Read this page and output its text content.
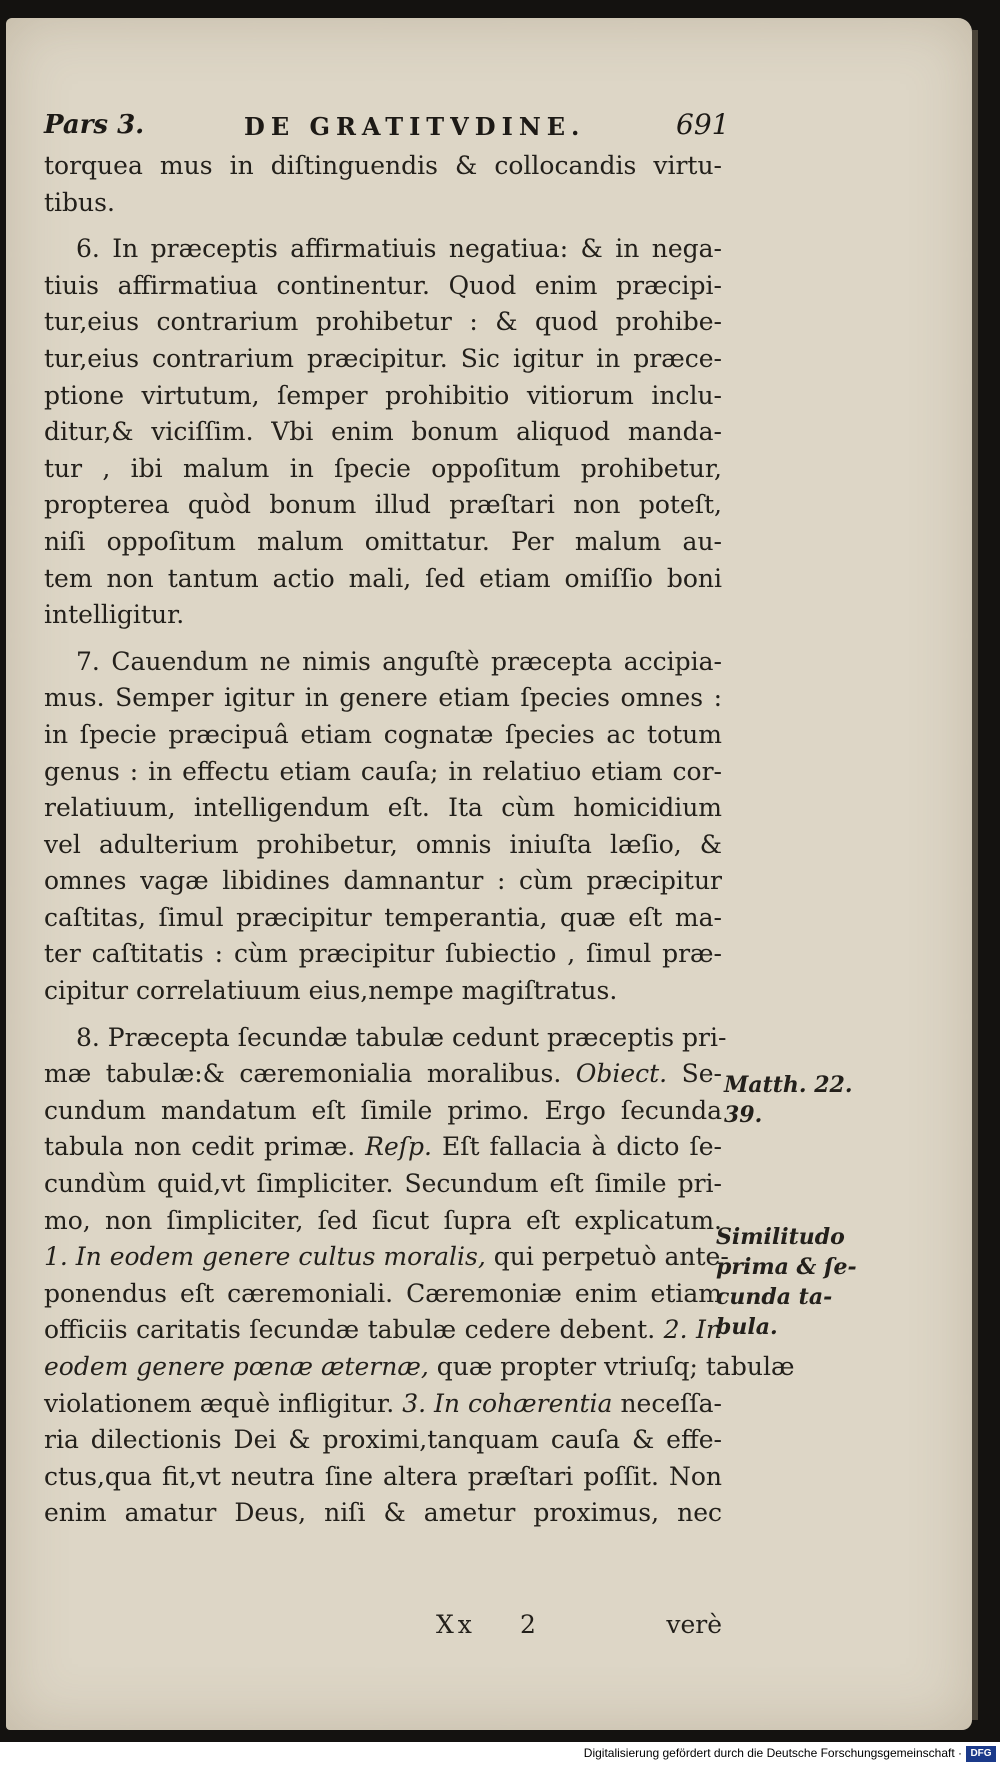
Pars 3.	DE GRATITVDINE.	691
torquea mus in diſtinguendis & collocandis virtu-
tibus.
6. In præceptis affirmatiuis negatiua: & in nega-
tiuis affirmatiua continentur. Quod enim præcipi-
tur,eius contrarium prohibetur : & quod prohibe-
tur,eius contrarium præcipitur. Sic igitur in præce-
ptione virtutum, ſemper prohibitio vitiorum inclu-
ditur,& viciſſim. Vbi enim bonum aliquod manda-
tur , ibi malum in ſpecie oppoſitum prohibetur,
propterea quòd bonum illud præſtari non poteſt,
niſi oppoſitum malum omittatur. Per malum au-
tem non tantum actio mali, ſed etiam omiſſio boni
intelligitur.
7. Cauendum ne nimis anguſtè præcepta accipia-
mus. Semper igitur in genere etiam ſpecies omnes :
in ſpecie præcipuâ etiam cognatæ ſpecies ac totum
genus : in effectu etiam cauſa; in relatiuo etiam cor-
relatiuum, intelligendum eſt. Ita cùm homicidium
vel adulterium prohibetur, omnis iniuſta læſio, &
omnes vagæ libidines damnantur : cùm præcipitur
caſtitas, ſimul præcipitur temperantia, quæ eſt ma-
ter caſtitatis : cùm præcipitur ſubiectio , ſimul præ-
cipitur correlatiuum eius,nempe magiſtratus.
8. Præcepta ſecundæ tabulæ cedunt præceptis pri-
mæ tabulæ:& cæremonialia moralibus. Obiect. Se-
cundum mandatum eſt ſimile primo. Ergo ſecunda
tabula non cedit primæ. Reſp. Eſt fallacia à dicto ſe-
cundùm quid,vt ſimpliciter. Secundum eſt ſimile pri-
mo, non ſimpliciter, ſed ſicut ſupra eſt explicatum.
1. In eodem genere cultus moralis, qui perpetuò ante-
ponendus eſt cæremoniali. Cæremoniæ enim etiam
officiis caritatis ſecundæ tabulæ cedere debent. 2. In
eodem genere pœnæ æternæ, quæ propter vtriuſq; tabulæ
violationem æquè infligitur. 3. In cohærentia neceſſa-
ria dilectionis Dei & proximi,tanquam cauſa & effe-
ctus,qua fit,vt neutra ſine altera præſtari poſſit. Non
enim amatur Deus, niſi & ametur proximus, nec
Xx 2	verè
Matth. 22.
39.
Similitudo
prima & ſe-
cunda ta-
bula.
Digitalisierung gefördert durch die Deutsche Forschungsgemeinschaft · DFG
